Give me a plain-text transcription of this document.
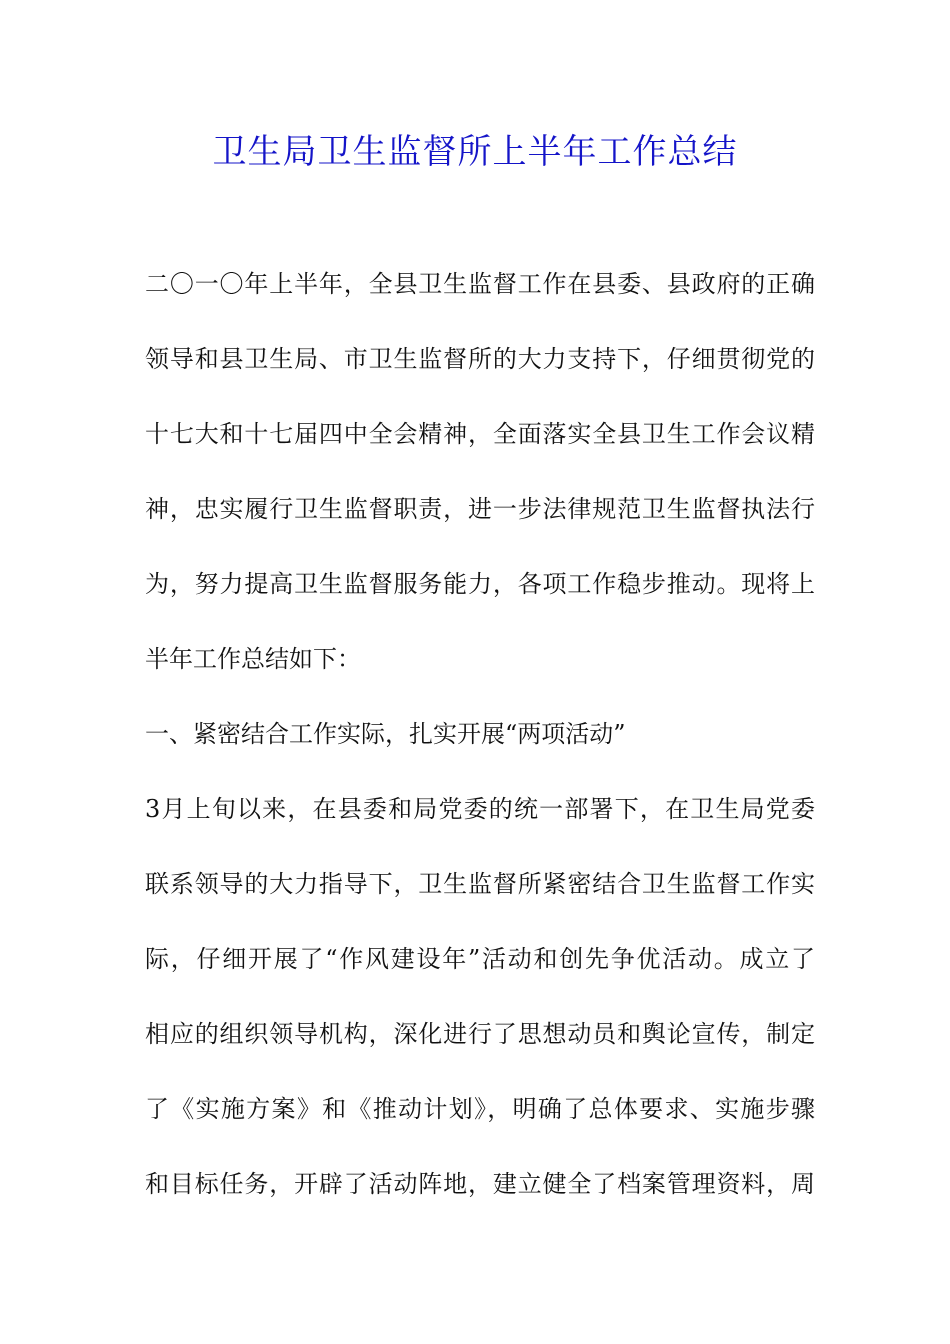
卫生局卫生监督所上半年工作总结
二〇一〇年上半年，全县卫生监督工作在县委、县政府的正确
领导和县卫生局、市卫生监督所的大力支持下，仔细贯彻党的
十七大和十七届四中全会精神，全面落实全县卫生工作会议精
神，忠实履行卫生监督职责，进一步法律规范卫生监督执法行
为，努力提高卫生监督服务能力，各项工作稳步推动。现将上
半年工作总结如下：
一、紧密结合工作实际，扎实开展“两项活动”
3月上旬以来，在县委和局党委的统一部署下，在卫生局党委
联系领导的大力指导下，卫生监督所紧密结合卫生监督工作实
际，仔细开展了“作风建设年”活动和创先争优活动。成立了
相应的组织领导机构，深化进行了思想动员和舆论宣传，制定
了《实施方案》和《推动计划》，明确了总体要求、实施步骤
和目标任务，开辟了活动阵地，建立健全了档案管理资料，周
